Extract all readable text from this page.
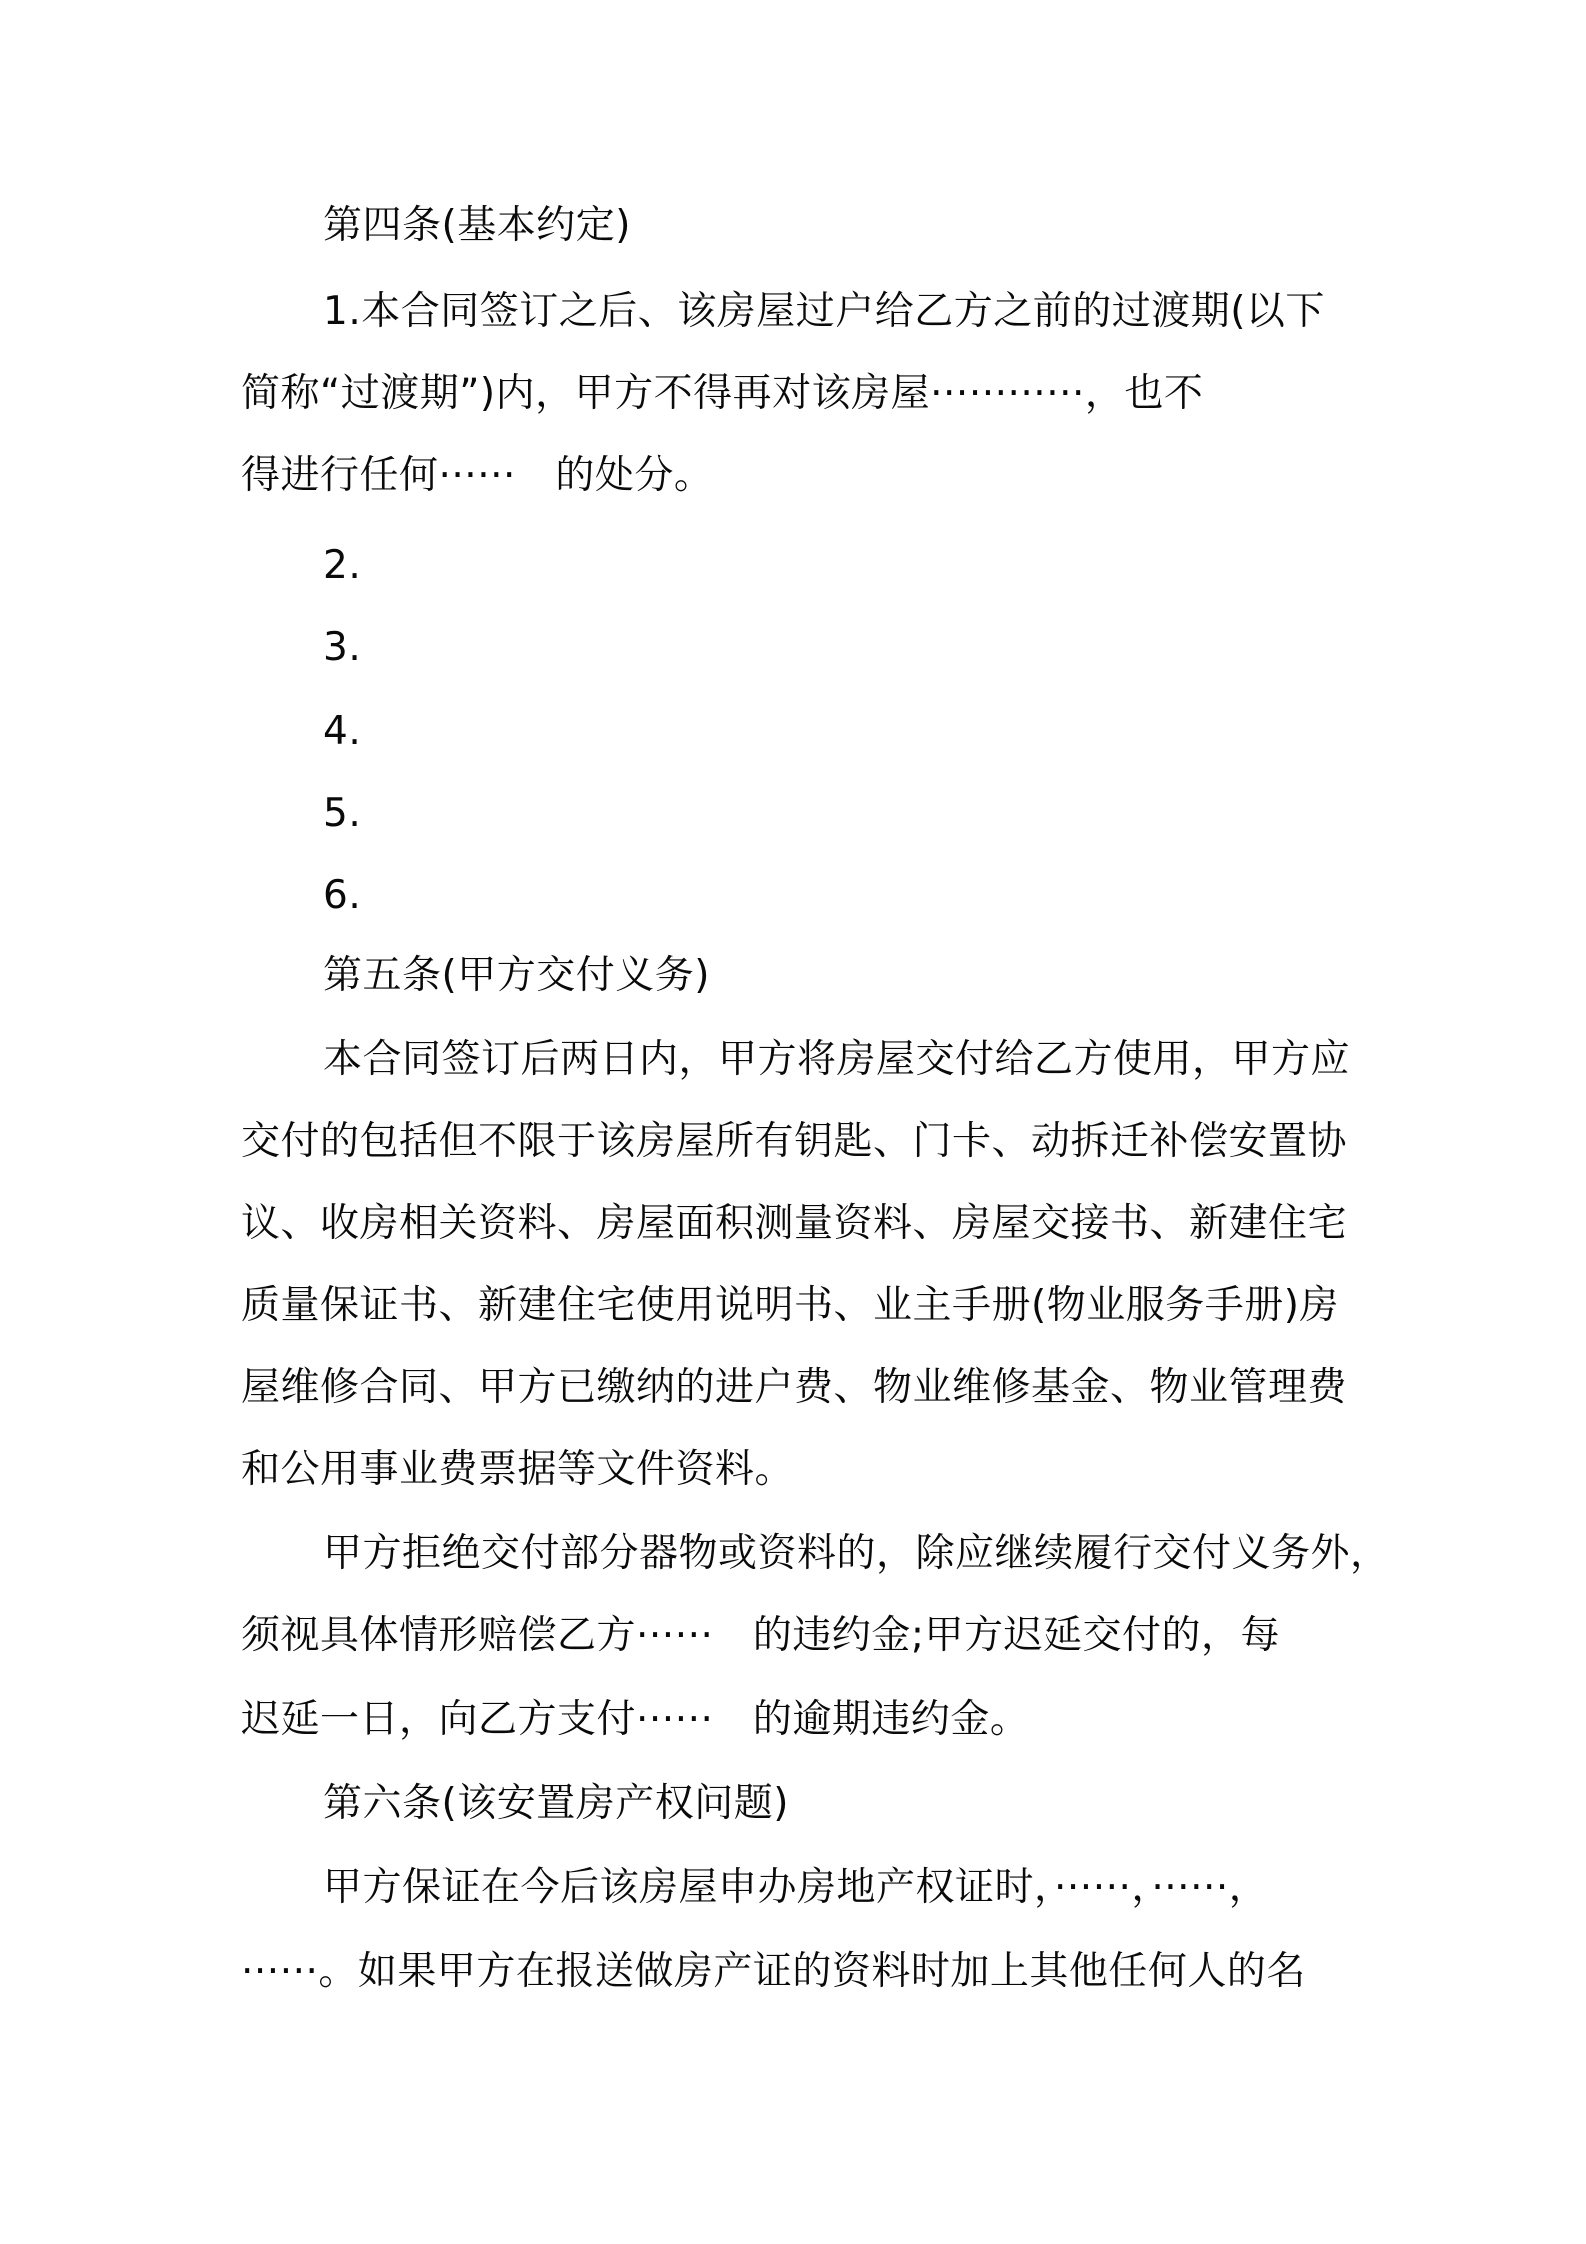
第四条(基本约定)
1.本合同签订之后、该房屋过户给乙方之前的过渡期(以下
简称“过渡期”)内，甲方不得再对该房屋············，也不
得进行任何······　的处分。
2.
3.
4.
5.
6.
第五条(甲方交付义务)
本合同签订后两日内，甲方将房屋交付给乙方使用，甲方应
交付的包括但不限于该房屋所有钥匙、门卡、动拆迁补偿安置协
议、收房相关资料、房屋面积测量资料、房屋交接书、新建住宅
质量保证书、新建住宅使用说明书、业主手册(物业服务手册)房
屋维修合同、甲方已缴纳的进户费、物业维修基金、物业管理费
和公用事业费票据等文件资料。
甲方拒绝交付部分器物或资料的，除应继续履行交付义务外，
须视具体情形赔偿乙方······　的违约金;甲方迟延交付的，每
迟延一日，向乙方支付······　的逾期违约金。
第六条(该安置房产权问题)
甲方保证在今后该房屋申办房地产权证时，······，······，
······。如果甲方在报送做房产证的资料时加上其他任何人的名
